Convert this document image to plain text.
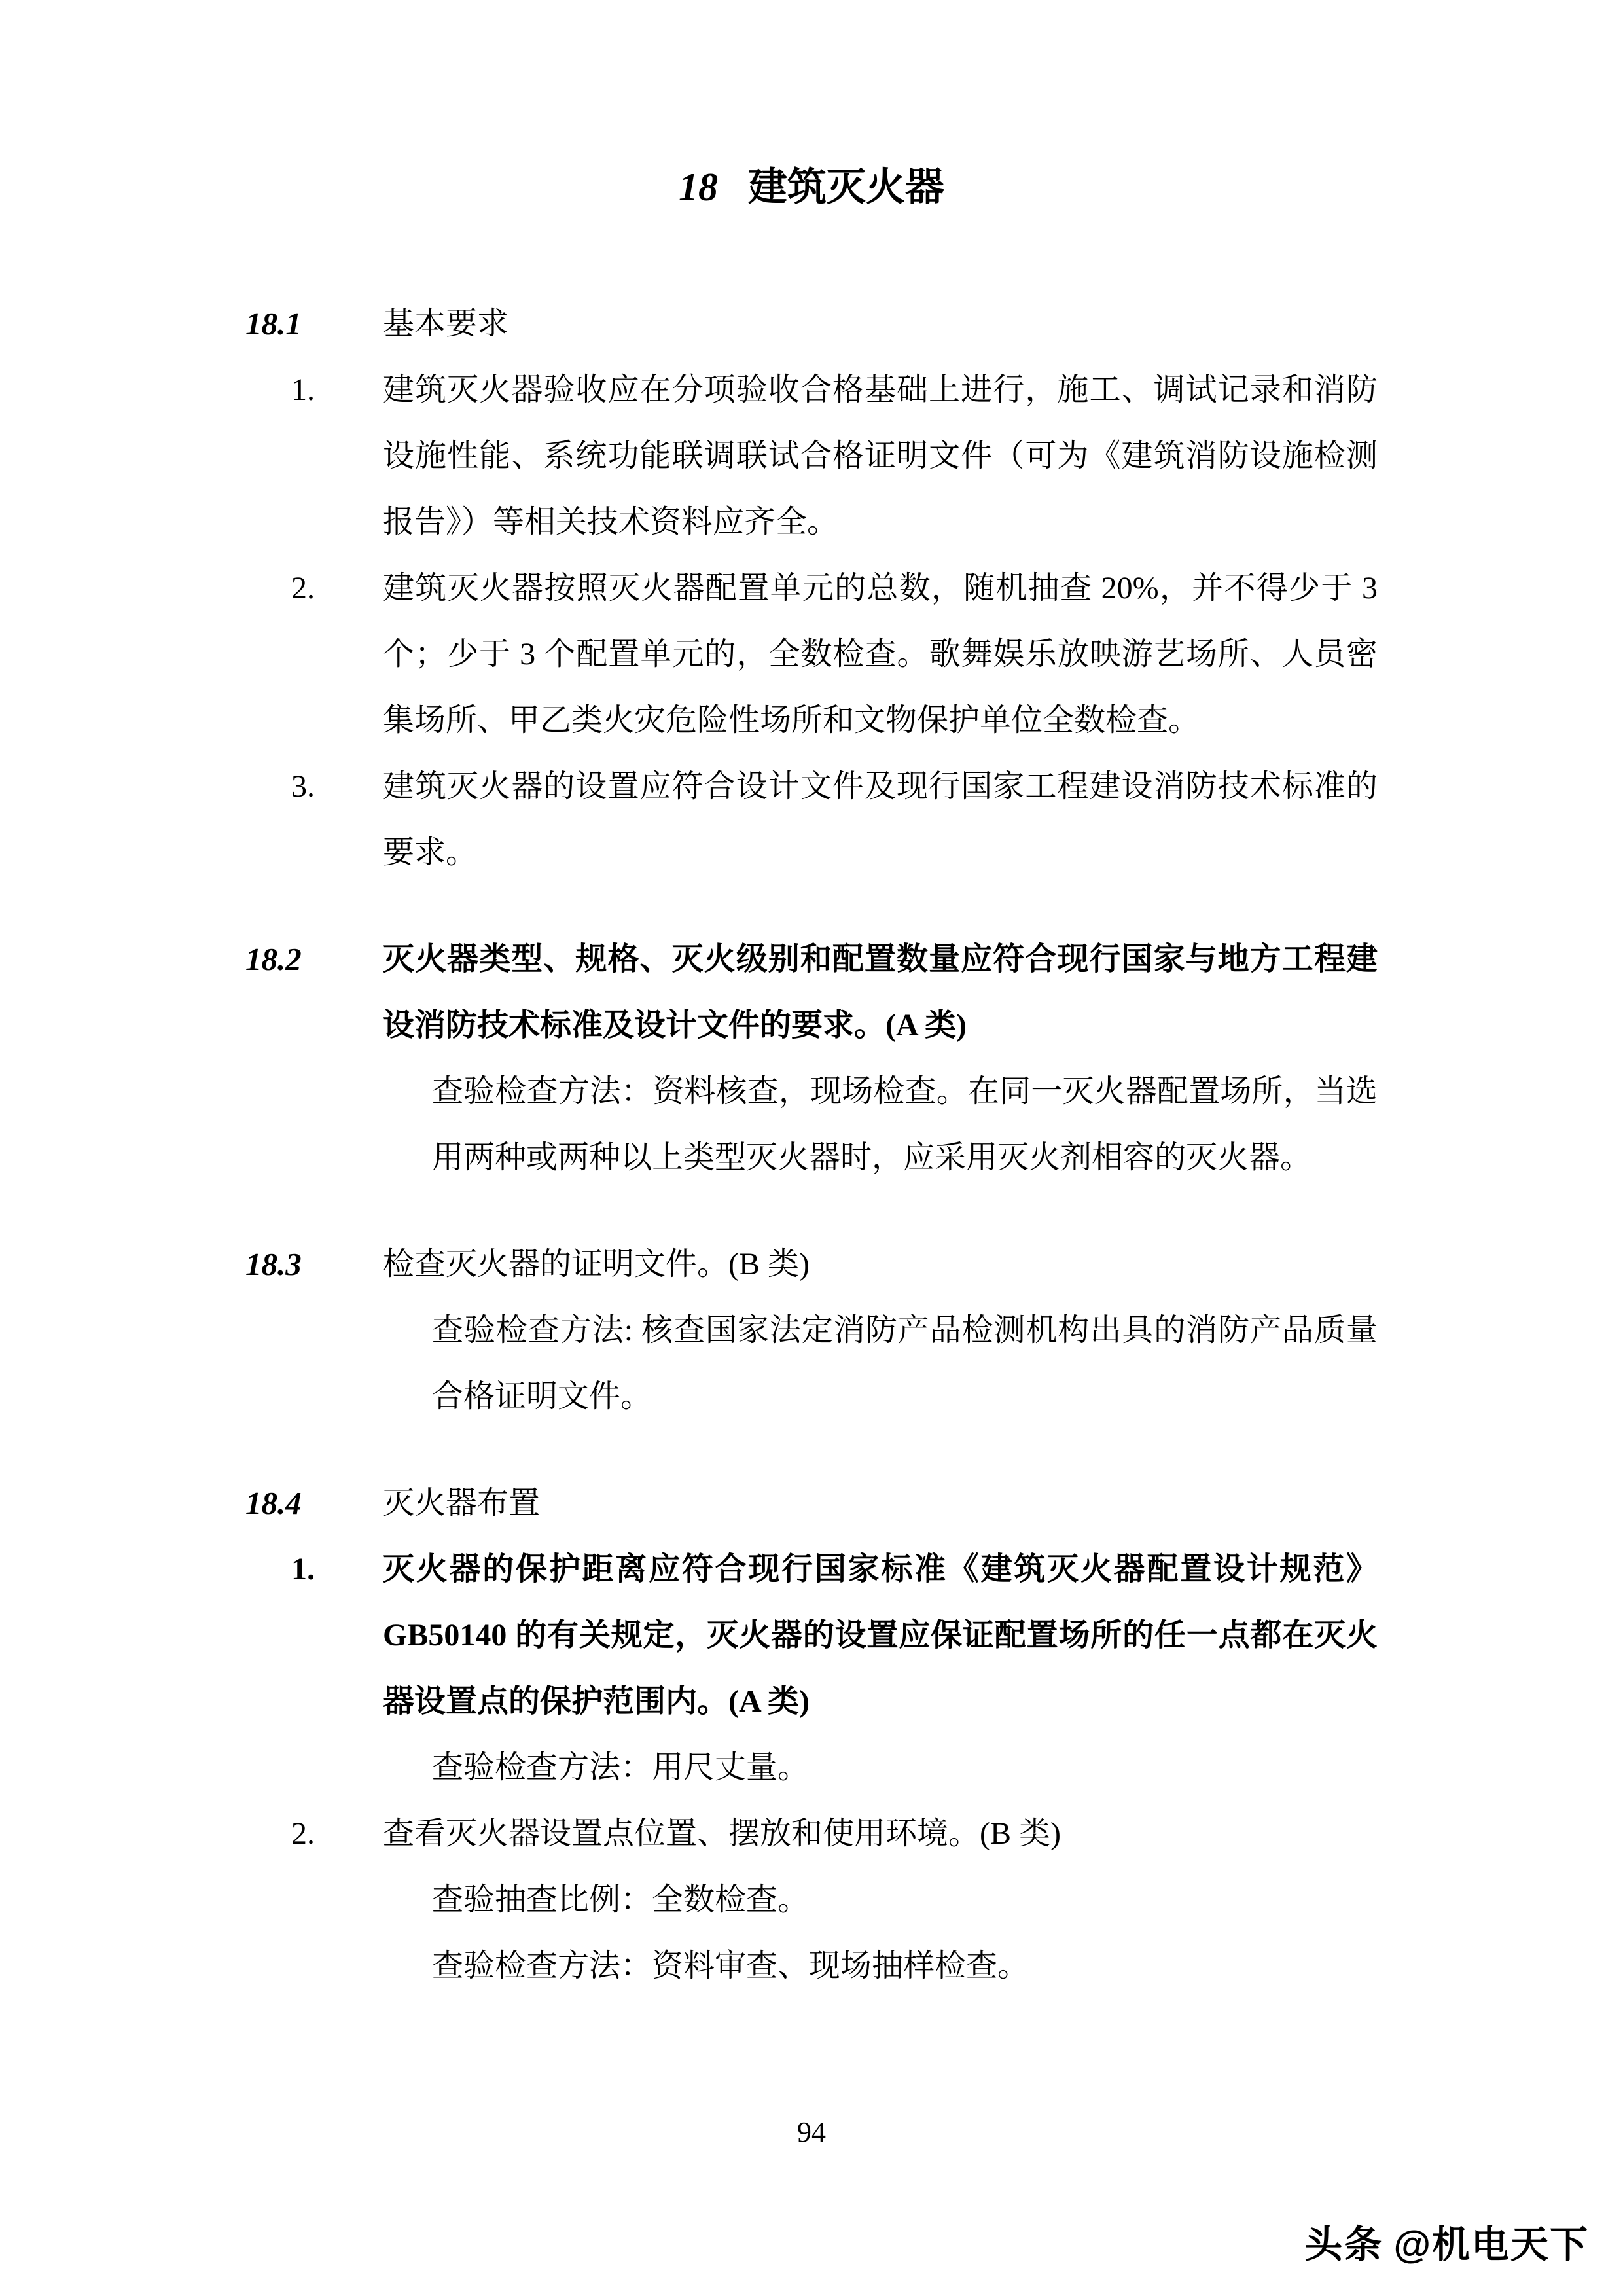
18 建筑灭火器
18.1	基本要求
1.	建筑灭火器验收应在分项验收合格基础上进行，施工、调试记录和消防设施性能、系统功能联调联试合格证明文件（可为《建筑消防设施检测报告》）等相关技术资料应齐全。
2.	建筑灭火器按照灭火器配置单元的总数，随机抽查 20%，并不得少于 3 个；少于 3 个配置单元的，全数检查。歌舞娱乐放映游艺场所、人员密集场所、甲乙类火灾危险性场所和文物保护单位全数检查。
3.	建筑灭火器的设置应符合设计文件及现行国家工程建设消防技术标准的要求。
18.2	灭火器类型、规格、灭火级别和配置数量应符合现行国家与地方工程建设消防技术标准及设计文件的要求。(A 类)
查验检查方法：资料核查，现场检查。在同一灭火器配置场所，当选用两种或两种以上类型灭火器时，应采用灭火剂相容的灭火器。
18.3	检查灭火器的证明文件。(B 类)
查验检查方法: 核查国家法定消防产品检测机构出具的消防产品质量合格证明文件。
18.4	灭火器布置
1.	灭火器的保护距离应符合现行国家标准《建筑灭火器配置设计规范》GB50140 的有关规定，灭火器的设置应保证配置场所的任一点都在灭火器设置点的保护范围内。(A 类)
查验检查方法：用尺丈量。
2.	查看灭火器设置点位置、摆放和使用环境。(B 类)
查验抽查比例：全数检查。
查验检查方法：资料审查、现场抽样检查。
94
头条 @机电天下
